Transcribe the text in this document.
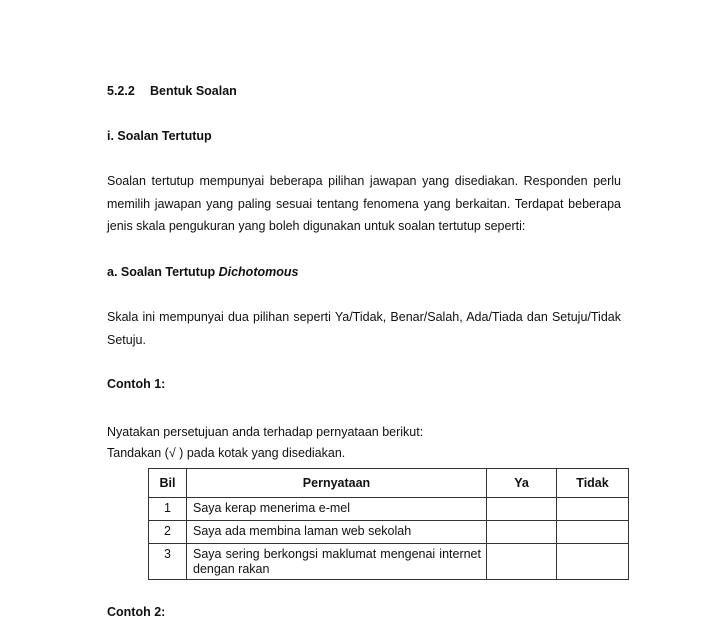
5.2.2 Bentuk Soalan

i. Soalan Tertutup

Soalan tertutup mempunyai beberapa pilihan jawapan yang disediakan. Responden perlu memilih jawapan yang paling sesuai tentang fenomena yang berkaitan. Terdapat beberapa jenis skala pengukuran yang boleh digunakan untuk soalan tertutup seperti:

a. Soalan Tertutup Dichotomous

Skala ini mempunyai dua pilihan seperti Ya/Tidak, Benar/Salah, Ada/Tiada dan Setuju/Tidak Setuju.

Contoh 1:

Nyatakan persetujuan anda terhadap pernyataan berikut:

Tandakan (√ ) pada kotak yang disediakan.

Bil	Pernyataan	Ya	Tidak
1	Saya kerap menerima e-mel		
2	Saya ada membina laman web sekolah		
3	Saya sering berkongsi maklumat mengenai internet dengan rakan		

Contoh 2:
